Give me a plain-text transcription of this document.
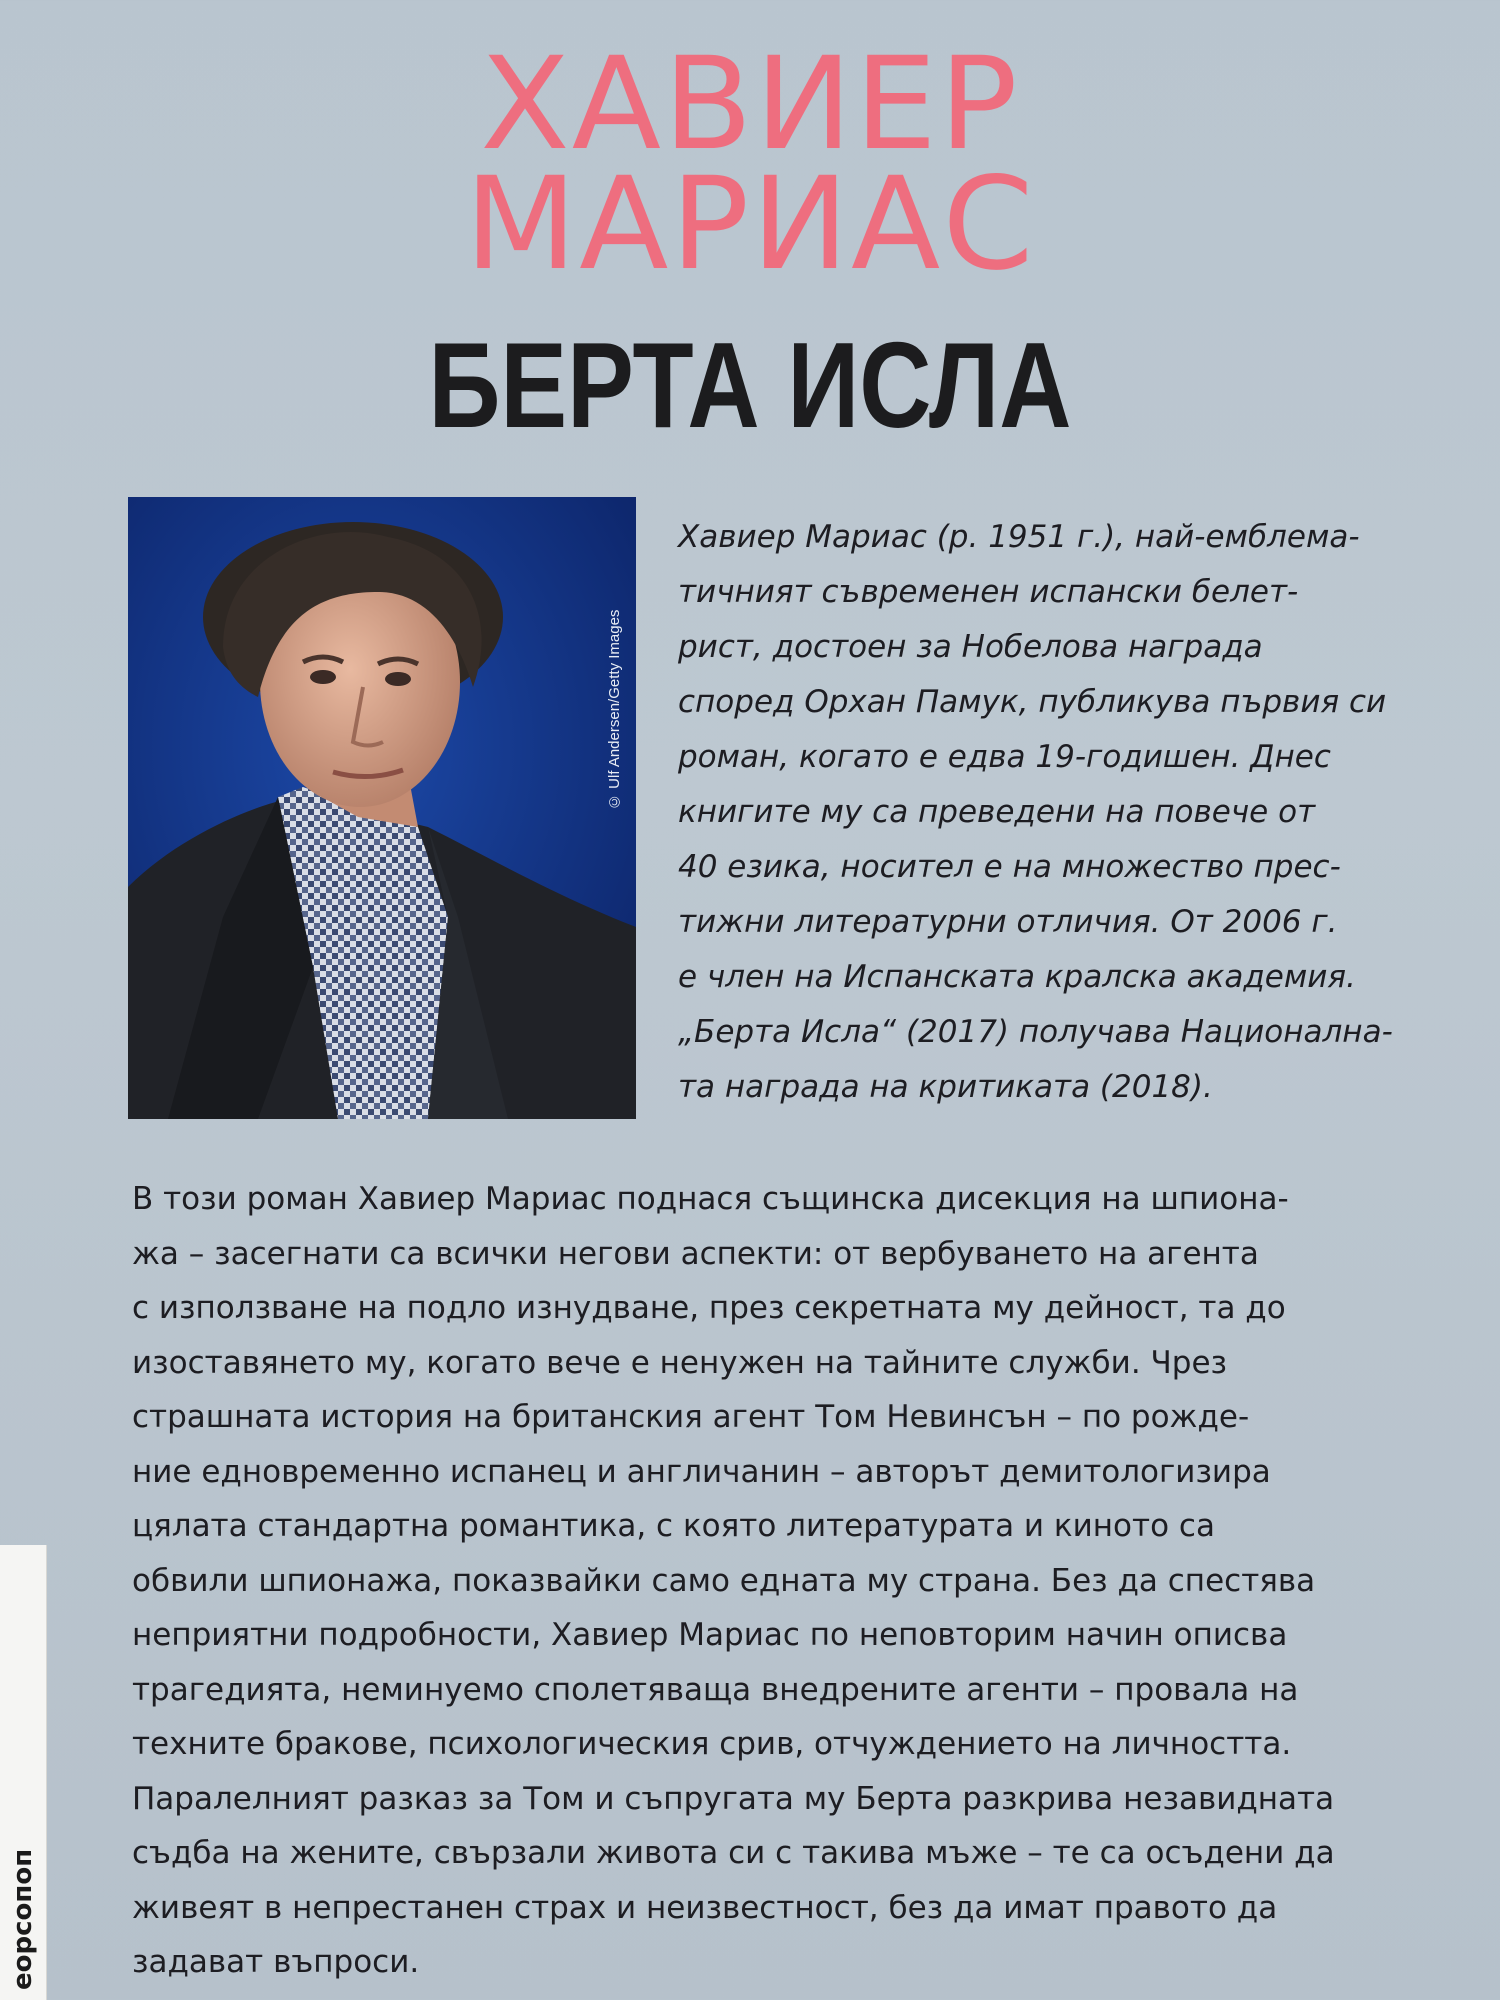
ХАВИЕР
МАРИАС
БЕРТА ИСЛА
© Ulf Andersen/Getty Images
Хавиер Мариас (р. 1951 г.), най-емблема-
тичният съвременен испански белет-
рист, достоен за Нобелова награда
според Орхан Памук, публикува първия си
роман, когато е едва 19-годишен. Днес
книгите му са преведени на повече от
40 езика, носител е на множество прес-
тижни литературни отличия. От 2006 г.
е член на Испанската кралска академия.
„Берта Исла“ (2017) получава Национална-
та награда на критиката (2018).
В този роман Хавиер Мариас поднася същинска дисекция на шпиона-
жа – засегнати са всички негови аспекти: от вербуването на агента
с използване на подло изнудване, през секретната му дейност, та до
изоставянето му, когато вече е ненужен на тайните служби. Чрез
страшната история на британския агент Том Невинсън – по рожде-
ние едновременно испанец и англичанин – авторът демитологизира
цялата стандартна романтика, с която литературата и киното са
обвили шпионажа, показвайки само едната му страна. Без да спестява
неприятни подробности, Хавиер Мариас по неповторим начин описва
трагедията, неминуемо сполетяваща внедрените агенти – провала на
техните бракове, психологическия срив, отчуждението на личността.
Паралелният разказ за Том и съпругата му Берта разкрива незавидната
съдба на жените, свързали живота си с такива мъже – те са осъдени да
живеят в непрестанен страх и неизвестност, без да имат правото да
задават въпроси.
еорсопоп
